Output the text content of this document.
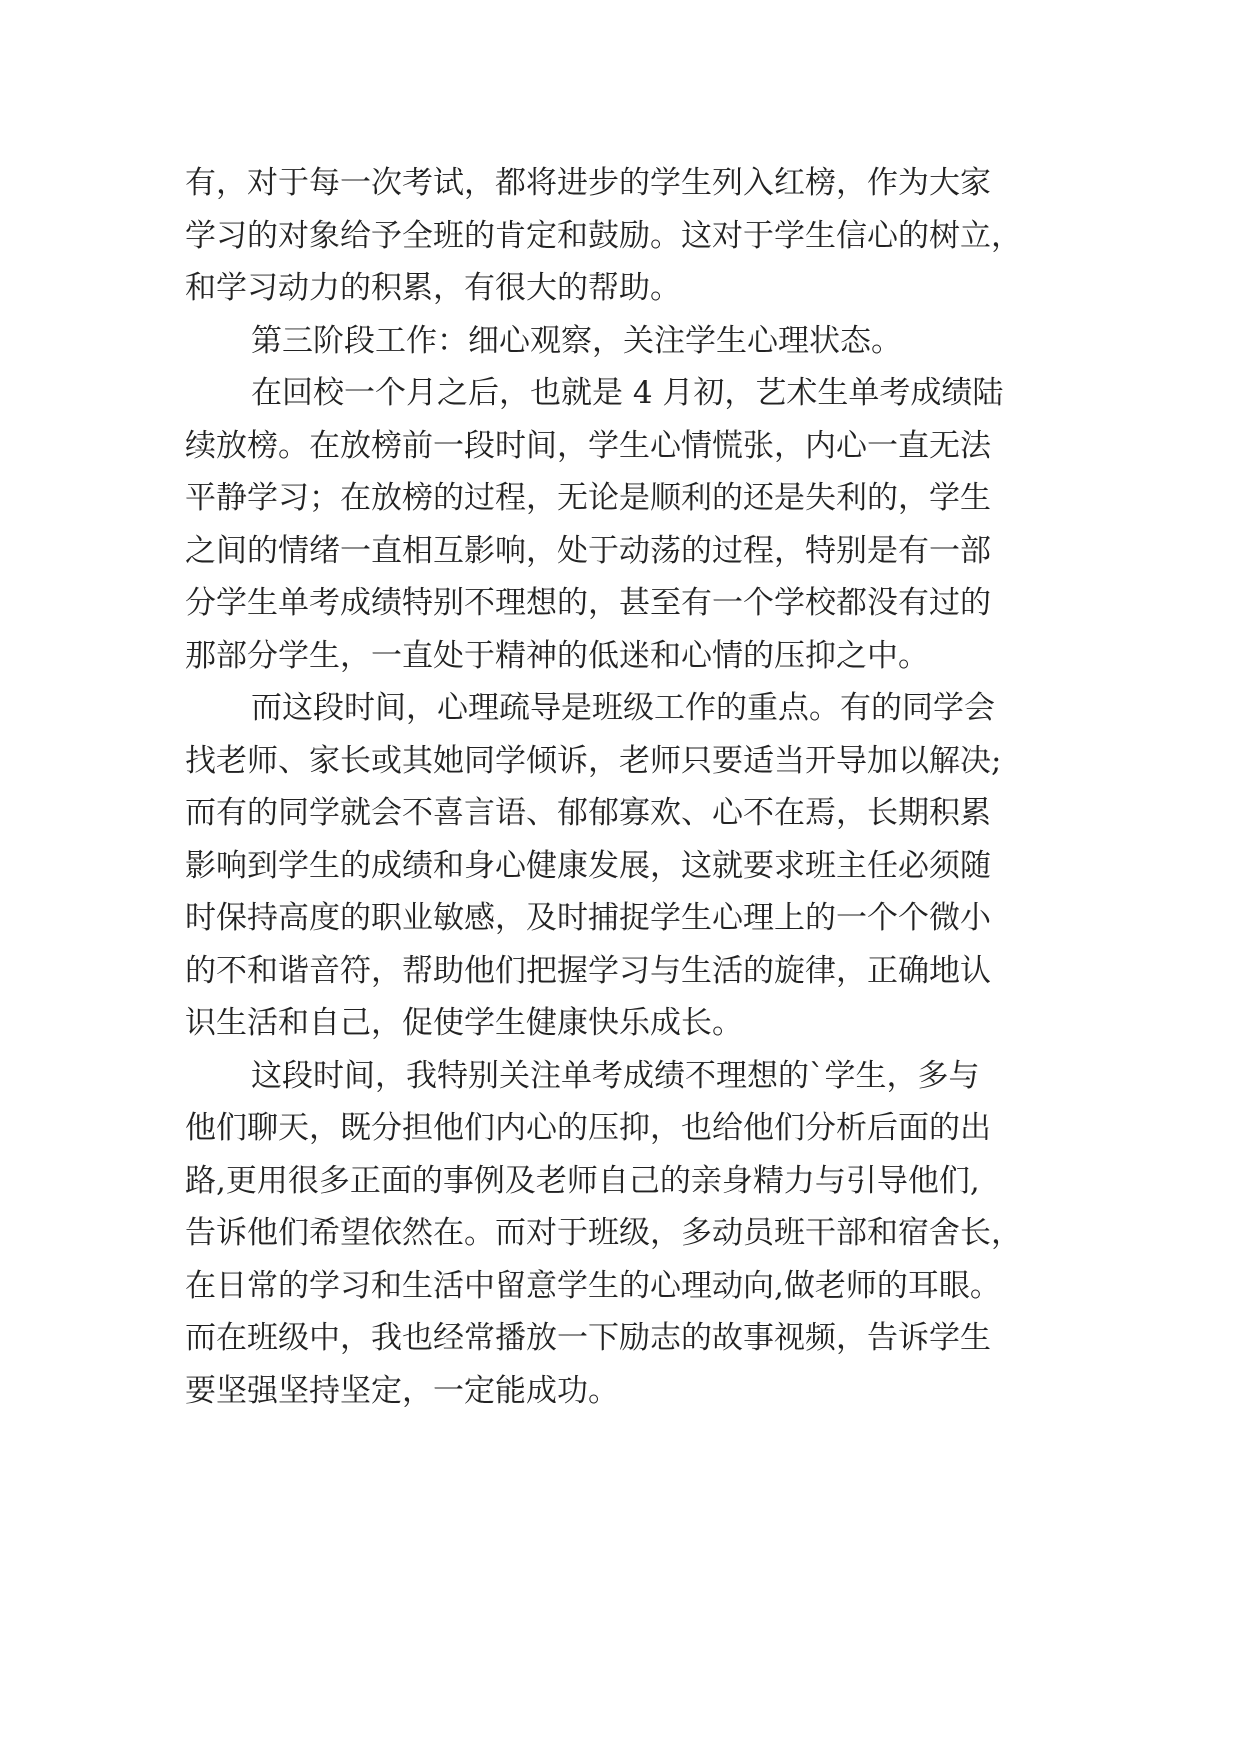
有，对于每一次考试，都将进步的学生列入红榜，作为大家
学习的对象给予全班的肯定和鼓励。这对于学生信心的树立，
和学习动力的积累，有很大的帮助。
第三阶段工作：细心观察，关注学生心理状态。
在回校一个月之后，也就是 4 月初，艺术生单考成绩陆
续放榜。在放榜前一段时间，学生心情慌张，内心一直无法
平静学习；在放榜的过程，无论是顺利的还是失利的，学生
之间的情绪一直相互影响，处于动荡的过程，特别是有一部
分学生单考成绩特别不理想的，甚至有一个学校都没有过的
那部分学生，一直处于精神的低迷和心情的压抑之中。
而这段时间，心理疏导是班级工作的重点。有的同学会
找老师、家长或其她同学倾诉，老师只要适当开导加以解决;
而有的同学就会不喜言语、郁郁寡欢、心不在焉，长期积累
影响到学生的成绩和身心健康发展，这就要求班主任必须随
时保持高度的职业敏感，及时捕捉学生心理上的一个个微小
的不和谐音符，帮助他们把握学习与生活的旋律，正确地认
识生活和自己，促使学生健康快乐成长。
这段时间，我特别关注单考成绩不理想的`学生，多与
他们聊天，既分担他们内心的压抑，也给他们分析后面的出
路,更用很多正面的事例及老师自己的亲身精力与引导他们,
告诉他们希望依然在。而对于班级，多动员班干部和宿舍长，
在日常的学习和生活中留意学生的心理动向,做老师的耳眼。
而在班级中，我也经常播放一下励志的故事视频，告诉学生
要坚强坚持坚定，一定能成功。
